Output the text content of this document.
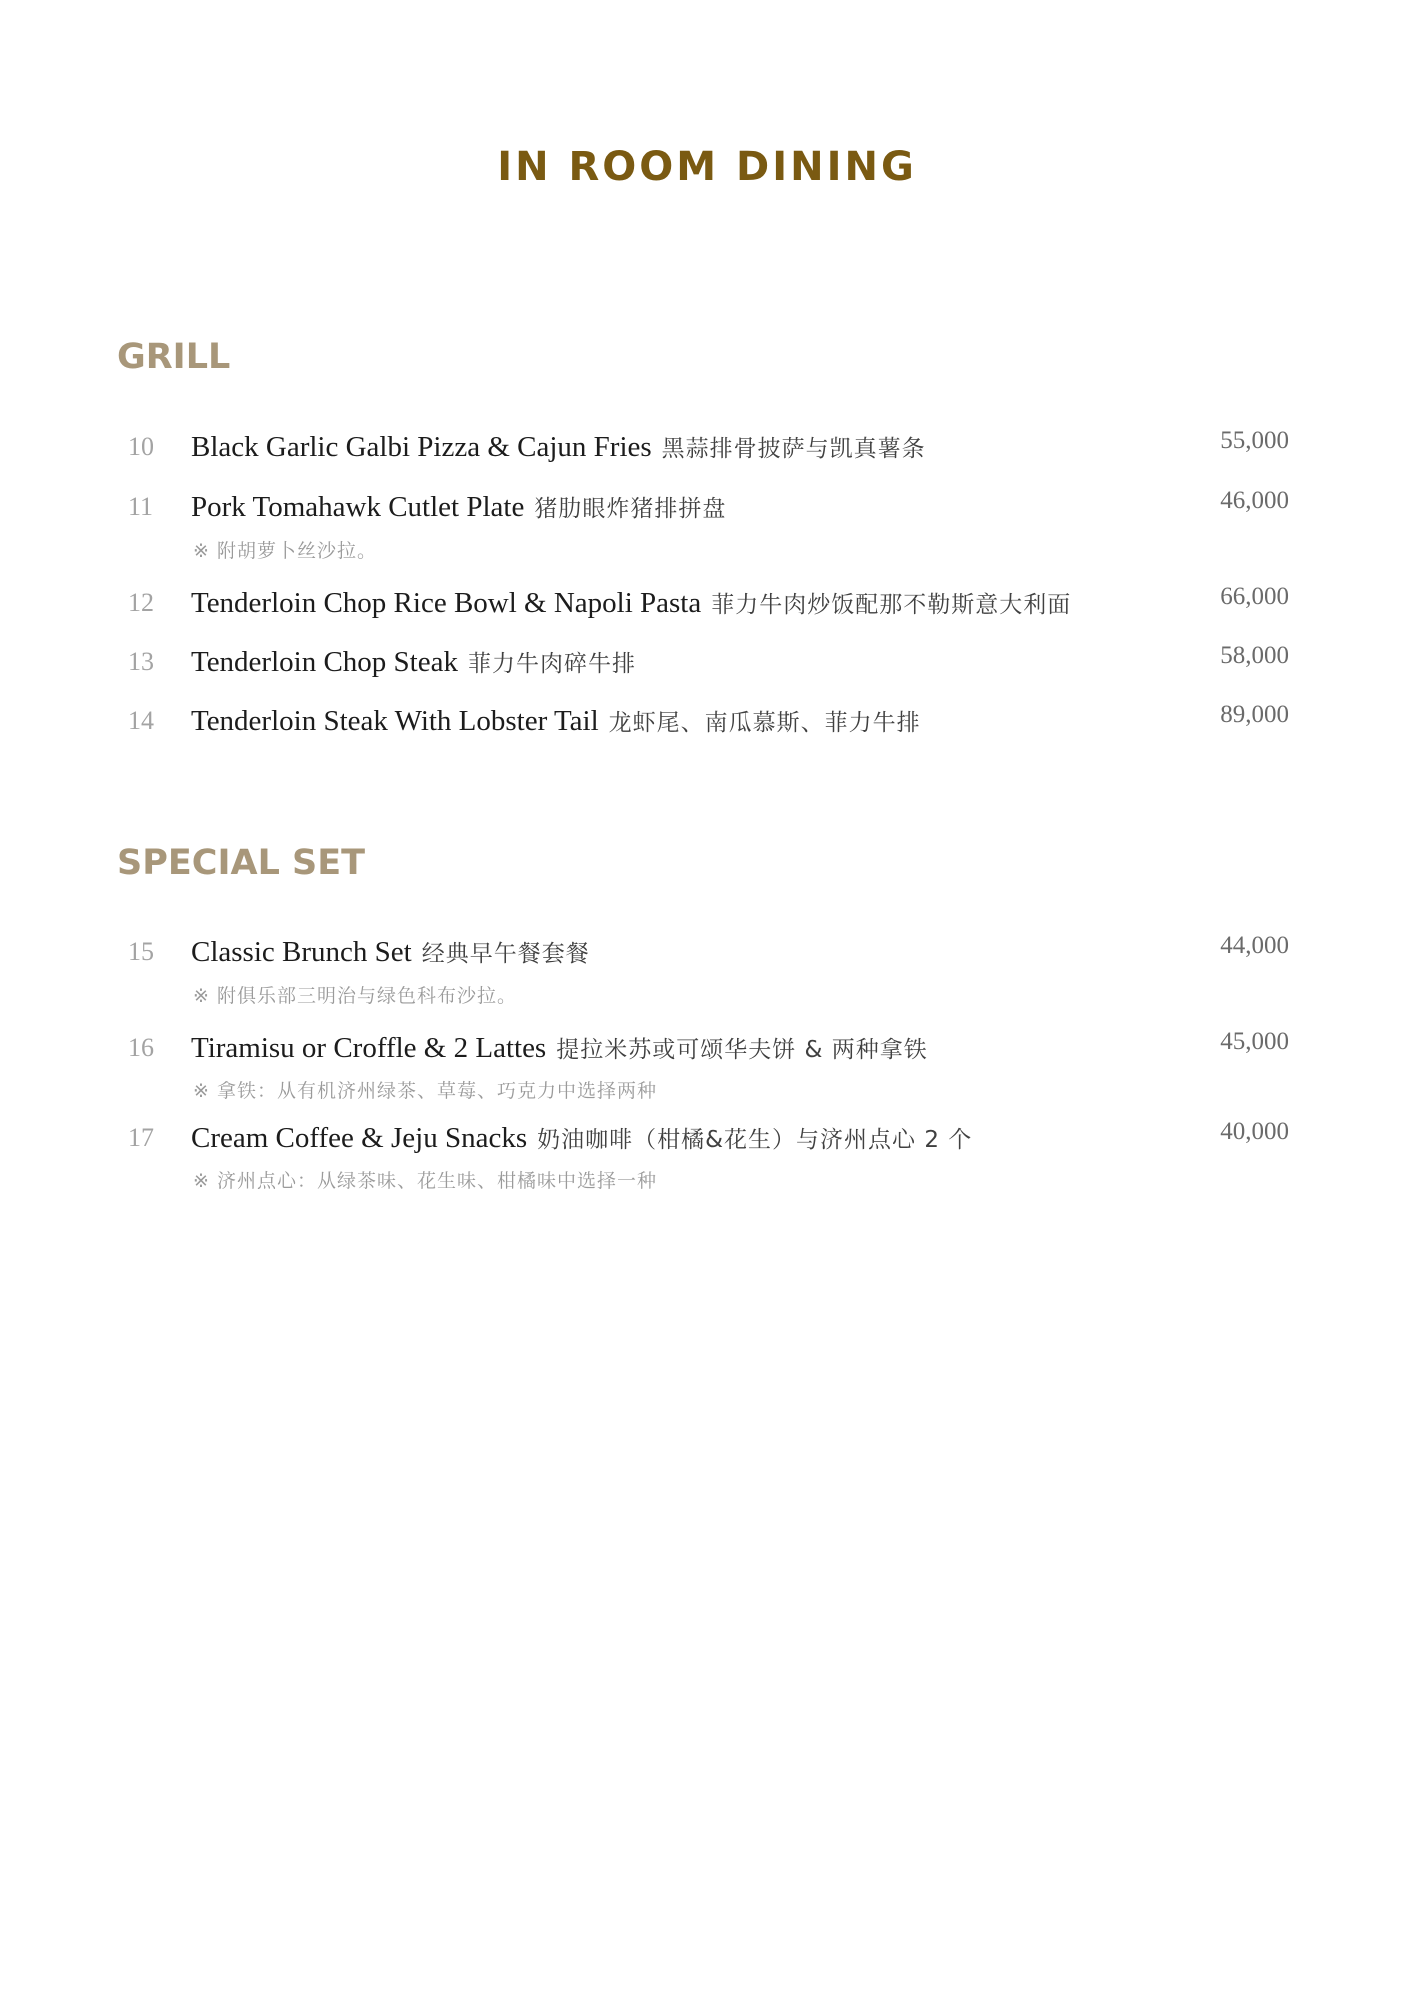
IN ROOM DINING
GRILL
10 Black Garlic Galbi Pizza & Cajun Fries 黑蒜排骨披萨与凯真薯条	55,000
11 Pork Tomahawk Cutlet Plate 猪肋眼炸猪排拼盘	46,000
※ 附胡萝卜丝沙拉。
12 Tenderloin Chop Rice Bowl & Napoli Pasta 菲力牛肉炒饭配那不勒斯意大利面	66,000
13 Tenderloin Chop Steak 菲力牛肉碎牛排	58,000
14 Tenderloin Steak With Lobster Tail 龙虾尾、南瓜慕斯、菲力牛排	89,000
SPECIAL SET
15 Classic Brunch Set 经典早午餐套餐	44,000
※ 附俱乐部三明治与绿色科布沙拉。
16 Tiramisu or Croffle & 2 Lattes 提拉米苏或可颂华夫饼 & 两种拿铁	45,000
※ 拿铁：从有机济州绿茶、草莓、巧克力中选择两种
17 Cream Coffee & Jeju Snacks 奶油咖啡（柑橘&花生）与济州点心 2 个	40,000
※ 济州点心：从绿茶味、花生味、柑橘味中选择一种
